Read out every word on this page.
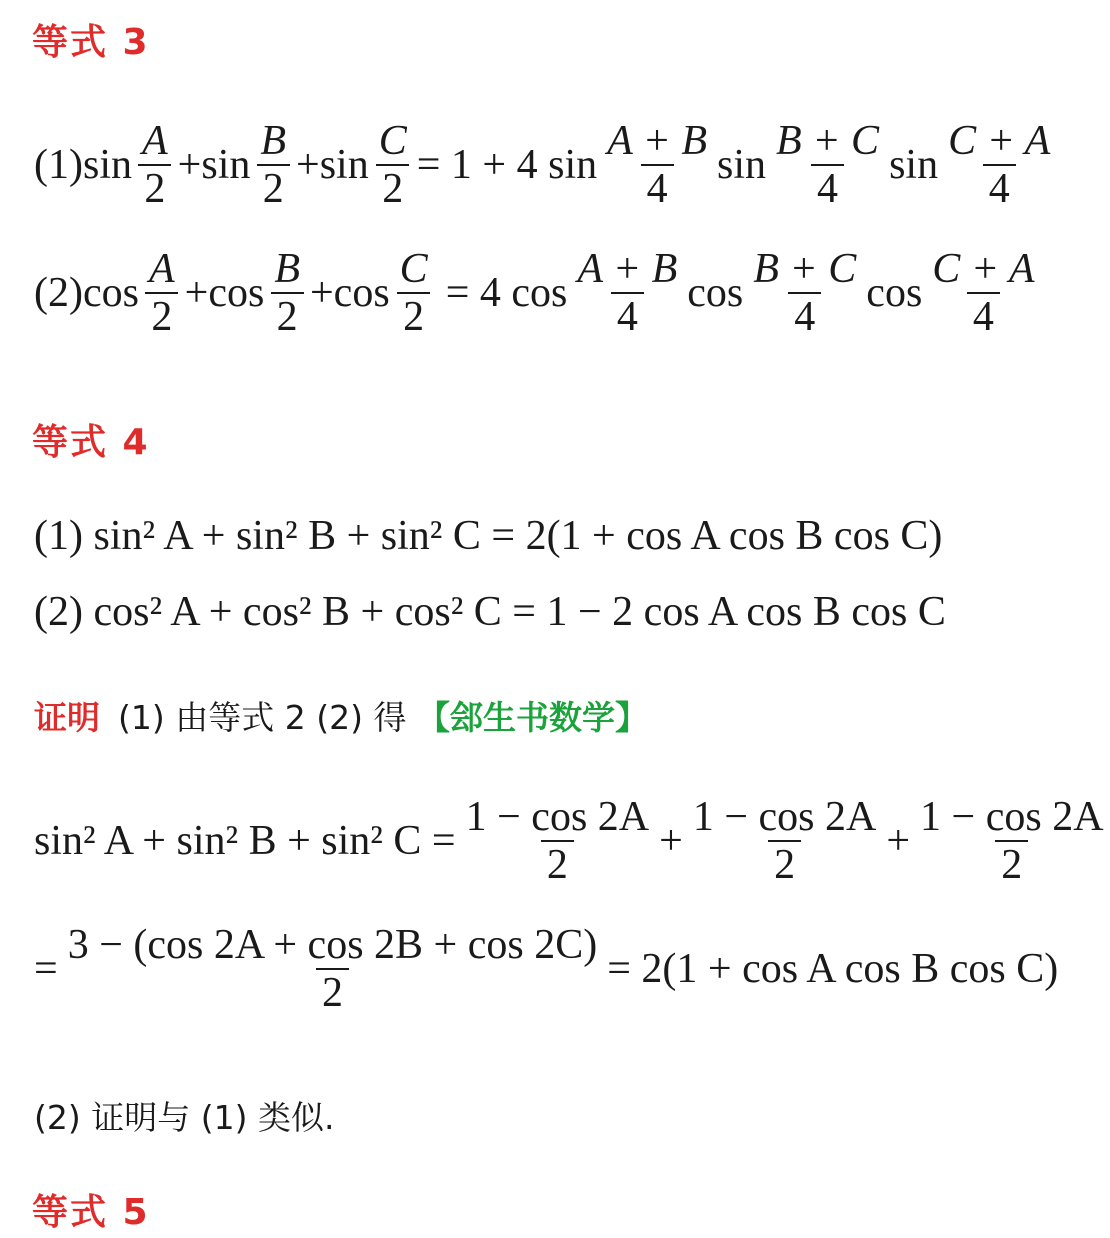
等式 3
(1) $\sin \frac{A}{2} + \sin \frac{B}{2} + \sin \frac{C}{2} = 1 + 4$ $\sin \frac{A + B}{4}$ $\sin \frac{B + C}{4}$ $\sin \frac{C + A}{4}$
(2) $\cos \frac{A}{2} + \cos \frac{B}{2} + \cos \frac{C}{2} = 4$ $\cos \frac{A + B}{4}$ $\cos \frac{B + C}{4}$ $\cos \frac{C + A}{4}$
等式 4
(1) sin² A + sin² B + sin² C = 2(1 + cos A cos B cos C)
(2) cos² A + cos² B + cos² C = 1 − 2 cos A cos B cos C
证明 (1) 由等式 2 (2) 得 【郐生书数学】
sin² A + sin² B + sin² $C = \frac{1 - \cos 2A}{2} + \frac{1 - \cos 2A}{2} + \frac{1 - \cos 2A}{2}$
= $\frac{3 - (\cos 2A + \cos 2B + \cos 2C)}{2} = 2(1 + \cos A$ cos B cos C)
(2) 证明与 (1) 类似.
等式 5
